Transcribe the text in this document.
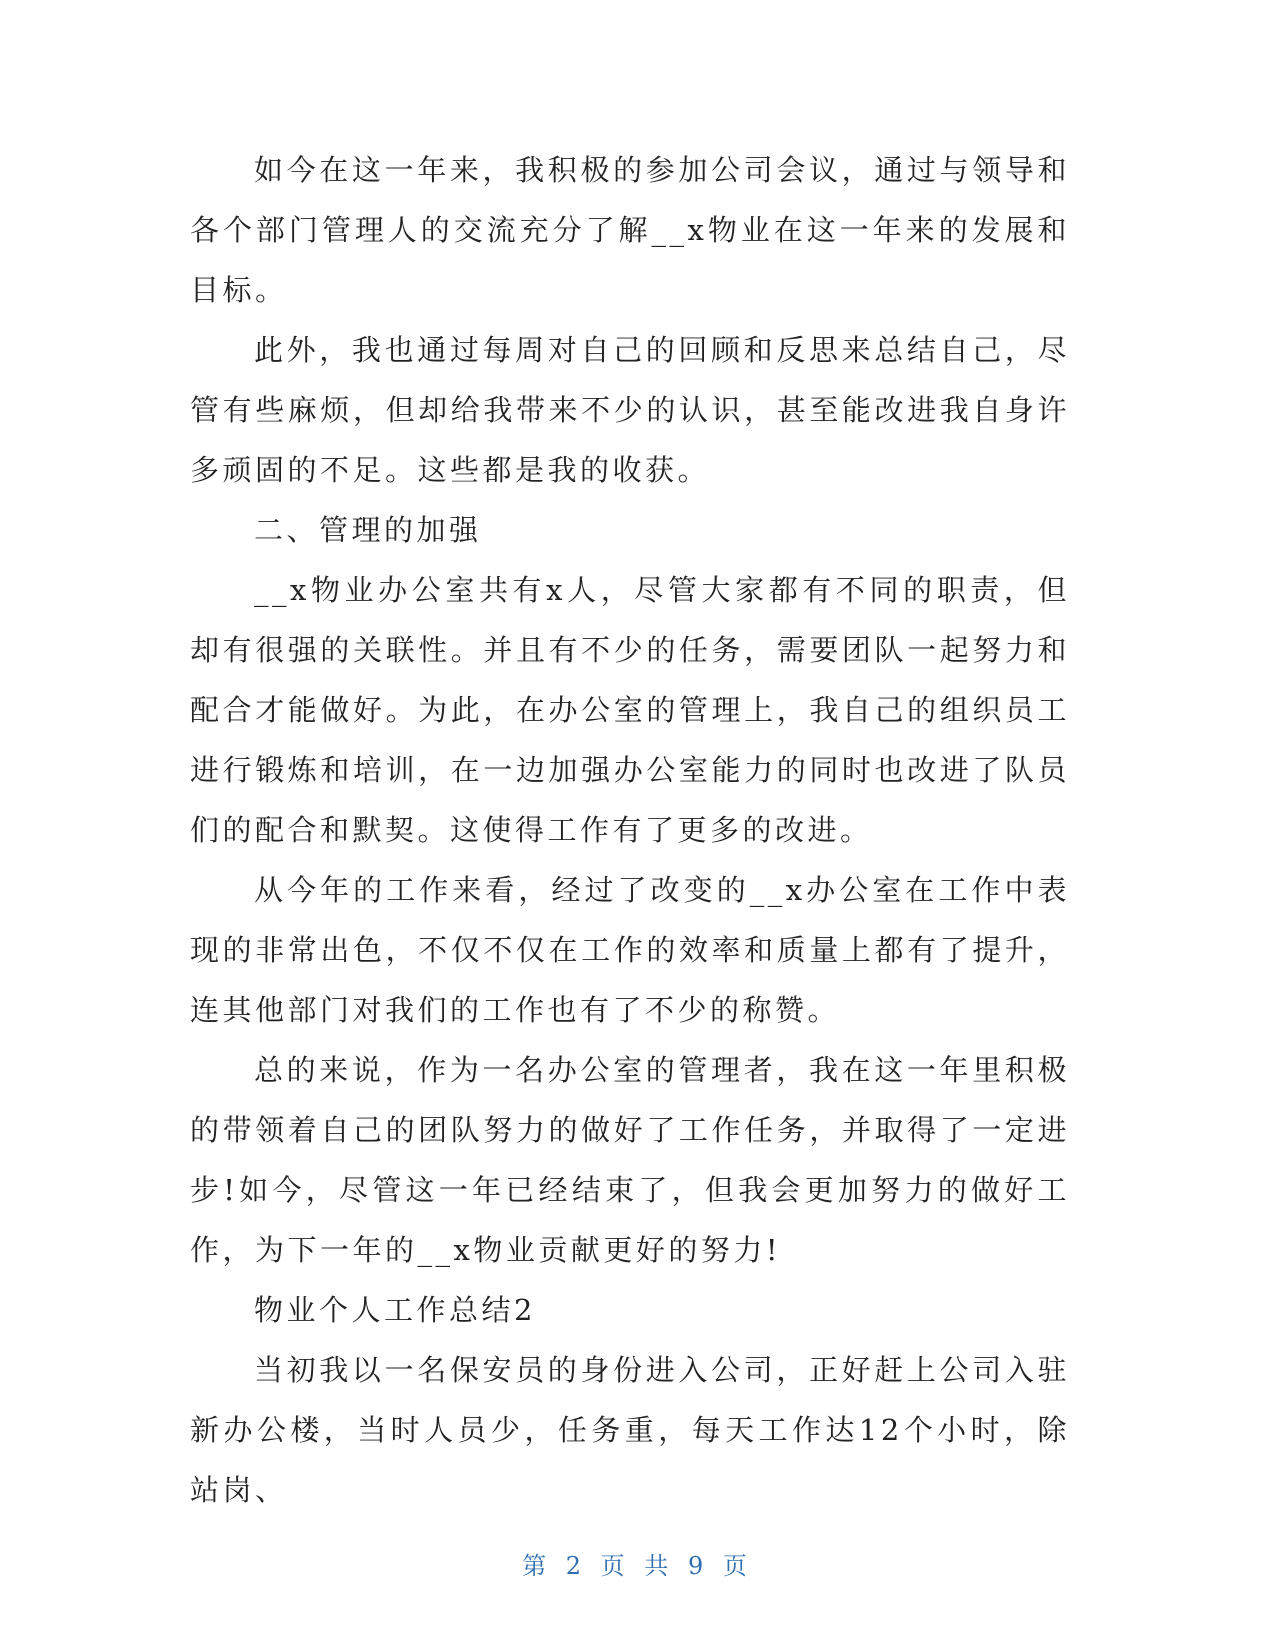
如今在这一年来，我积极的参加公司会议，通过与领导和各个部门管理人的交流充分了解__x物业在这一年来的发展和目标。

此外，我也通过每周对自己的回顾和反思来总结自己，尽管有些麻烦，但却给我带来不少的认识，甚至能改进我自身许多顽固的不足。这些都是我的收获。

二、管理的加强

__x物业办公室共有x人，尽管大家都有不同的职责，但却有很强的关联性。并且有不少的任务，需要团队一起努力和配合才能做好。为此，在办公室的管理上，我自己的组织员工进行锻炼和培训，在一边加强办公室能力的同时也改进了队员们的配合和默契。这使得工作有了更多的改进。

从今年的工作来看，经过了改变的__x办公室在工作中表现的非常出色，不仅不仅在工作的效率和质量上都有了提升，连其他部门对我们的工作也有了不少的称赞。

总的来说，作为一名办公室的管理者，我在这一年里积极的带领着自己的团队努力的做好了工作任务，并取得了一定进步!如今，尽管这一年已经结束了，但我会更加努力的做好工作，为下一年的__x物业贡献更好的努力!

物业个人工作总结2

当初我以一名保安员的身份进入公司，正好赶上公司入驻新办公楼，当时人员少，任务重，每天工作达12个小时，除站岗、

第 2 页 共 9 页
